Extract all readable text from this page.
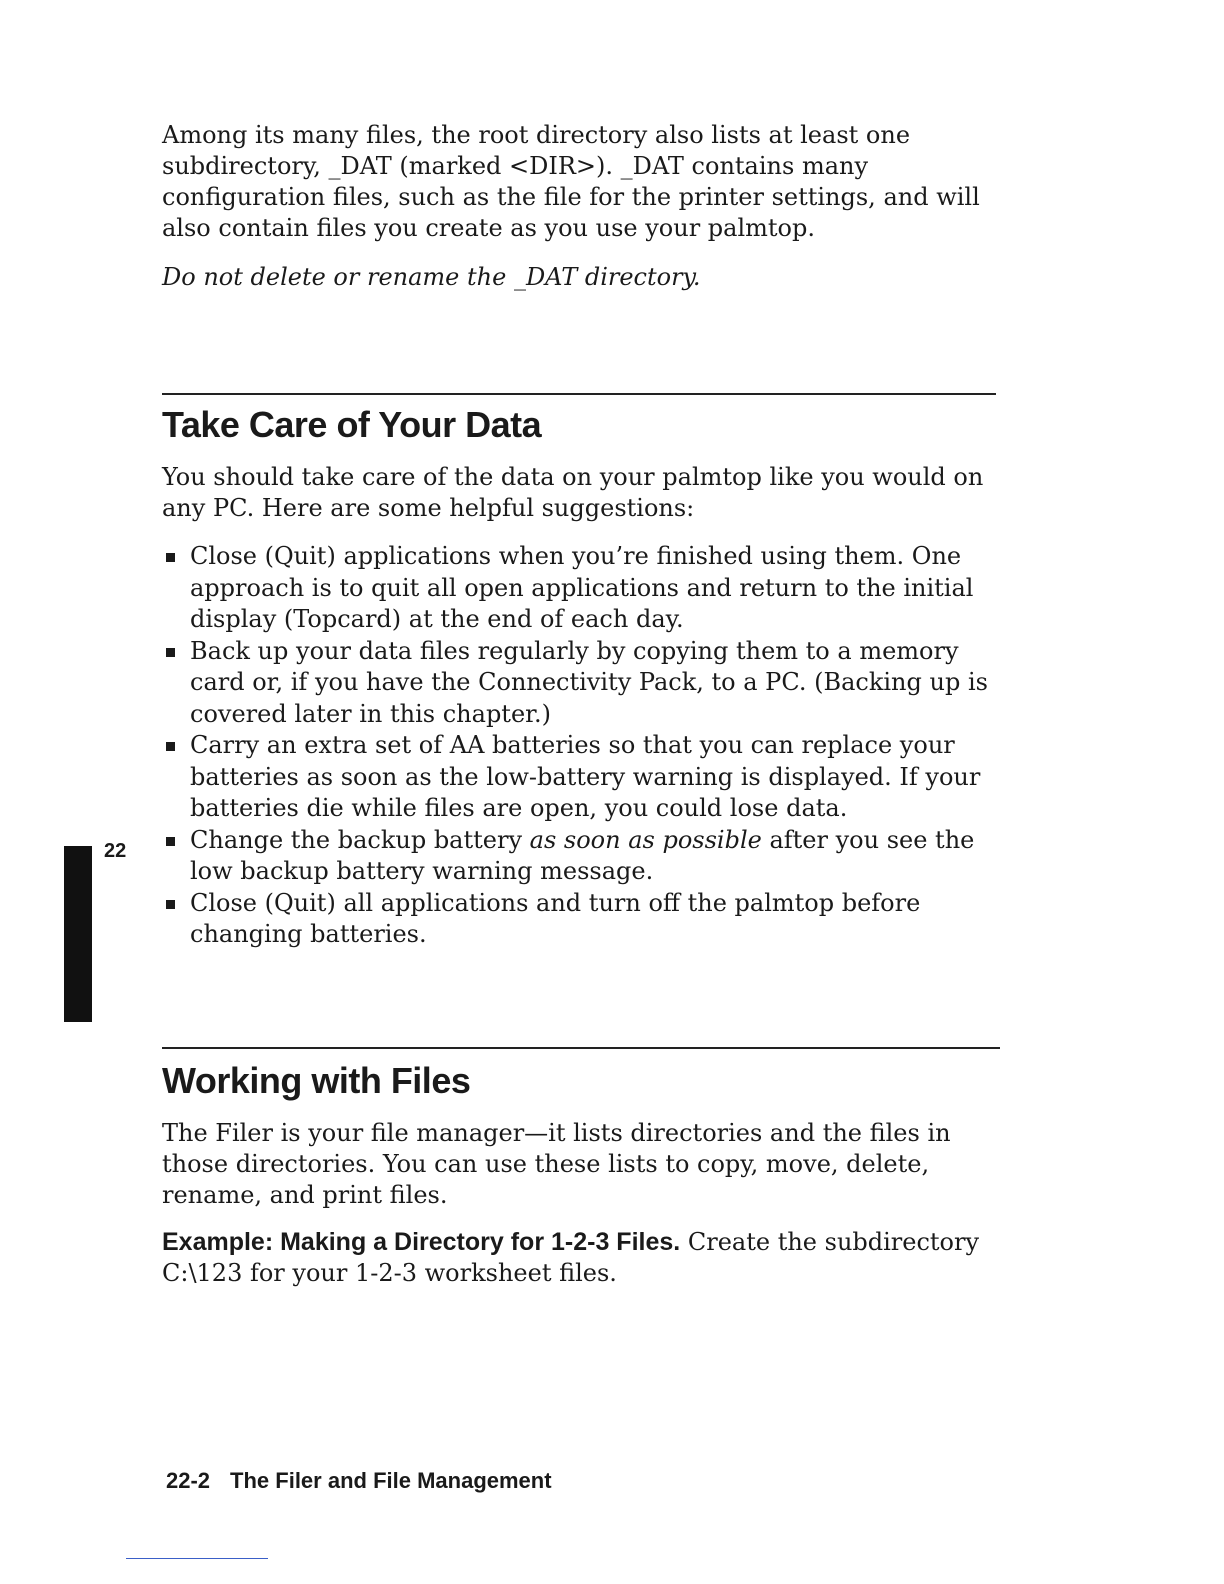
Among its many files, the root directory also lists at least one subdirectory, _DAT (marked <DIR>). _DAT contains many configuration files, such as the file for the printer settings, and will also contain files you create as you use your palmtop.

Do not delete or rename the _DAT directory.

Take Care of Your Data

You should take care of the data on your palmtop like you would on any PC. Here are some helpful suggestions:

Close (Quit) applications when you’re finished using them. One approach is to quit all open applications and return to the initial display (Topcard) at the end of each day.
Back up your data files regularly by copying them to a memory card or, if you have the Connectivity Pack, to a PC. (Backing up is covered later in this chapter.)
Carry an extra set of AA batteries so that you can replace your batteries as soon as the low-battery warning is displayed. If your batteries die while files are open, you could lose data.
Change the backup battery as soon as possible after you see the low backup battery warning message.
Close (Quit) all applications and turn off the palmtop before changing batteries.
22
Working with Files

The Filer is your file manager—it lists directories and the files in those directories. You can use these lists to copy, move, delete, rename, and print files.

Example: Making a Directory for 1-2-3 Files. Create the subdirectory C:\123 for your 1-2-3 worksheet files.

22-2 The Filer and File Management
